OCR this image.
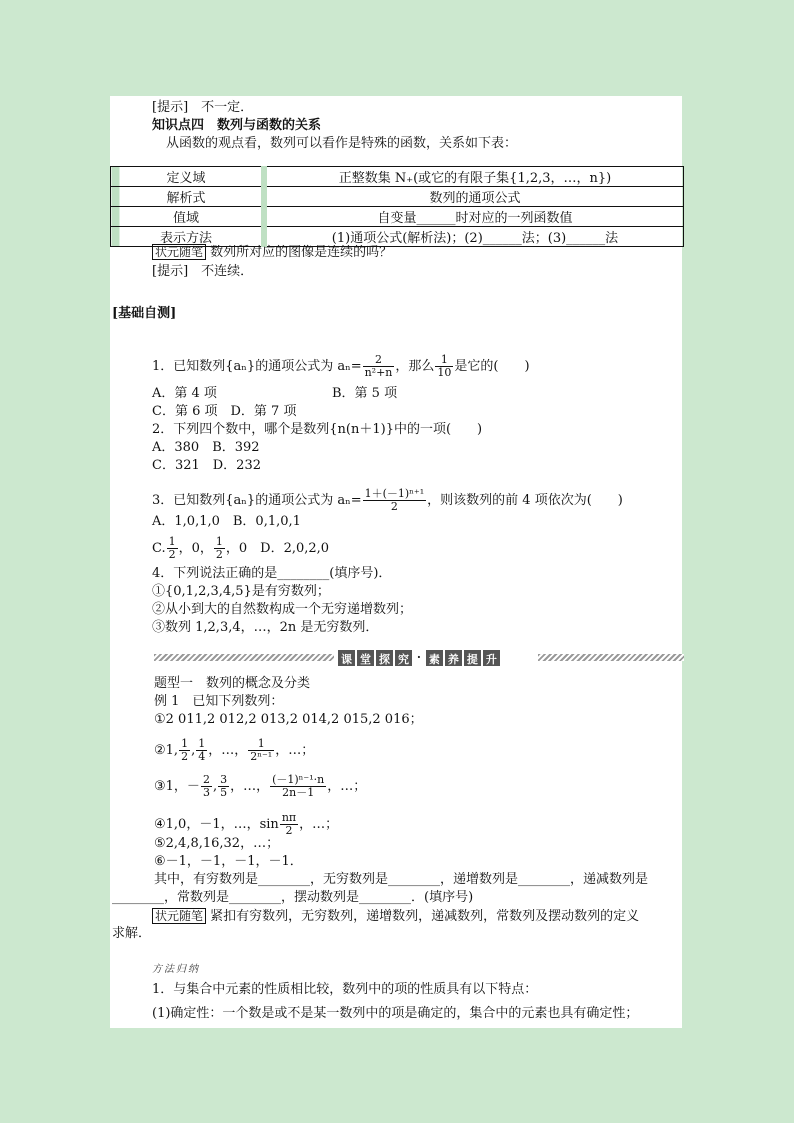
[提示]　不一定．
知识点四　数列与函数的关系
从函数的观点看，数列可以看作是特殊的函数，关系如下表：
定义域	正整数集 N₊(或它的有限子集{1,2,3，…，n})
解析式	数列的通项公式
值域	自变量______时对应的一列函数值
表示方法	(1)通项公式(解析法)；(2)______法；(3)______法
状元随笔 数列所对应的图像是连续的吗？
[提示]　不连续．
[基础自测]
1．已知数列{aₙ}的通项公式为 $a_n= \frac{2}{\text{n²+n}}$ ，那么 $\frac{1}{10}$ 是它的(　　)
A．第 4 项	B．第 5 项
C．第 6 项　D．第 7 项
2．下列四个数中，哪个是数列{n(n＋1)}中的一项(　　)
A．380　B．392
C．321　D．232
3．已知数列{aₙ}的通项公式为 $a_n= \frac{\text{1＋(－1)ⁿ⁺¹}}{2}$ ，则该数列的前 4 项依次为(　　)
A．1,0,1,0　B．0,1,0,1
C. $\frac{1}{2}$ ，0， $\frac{1}{2}$ ，0　D．2,0,2,0
4．下列说法正确的是________(填序号)．
①{0,1,2,3,4,5}是有穷数列；
②从小到大的自然数构成一个无穷递增数列；
③数列 1,2,3,4，…，2n 是无穷数列．
课 堂 探 究 · 素 养 提 升
题型一　数列的概念及分类
例 1　已知下列数列：
①2 011,2 012,2 013,2 014,2 015,2 016；
②1, $\frac{1}{2}$ , $\frac{1}{4}$ ，…， $\frac{1}{\text{2ⁿ⁻¹}}$ ，…；
③1，－ $\frac{2}{3}$ , $\frac{3}{5}$ ，…， $\frac{\text{(－1)ⁿ⁻¹·n}}{2n-1}$ ，…；
④1,0，－1，…，$\sin \frac{n\pi}{2}$ ，…；
⑤2,4,8,16,32，…；
⑥－1，－1，－1，－1．
其中，有穷数列是________，无穷数列是________，递增数列是________，递减数列是
________，常数列是________，摆动数列是________．(填序号)
状元随笔 紧扣有穷数列，无穷数列，递增数列，递减数列，常数列及摆动数列的定义
求解．
方法归纳
1．与集合中元素的性质相比较，数列中的项的性质具有以下特点：
(1)确定性：一个数是或不是某一数列中的项是确定的，集合中的元素也具有确定性；
